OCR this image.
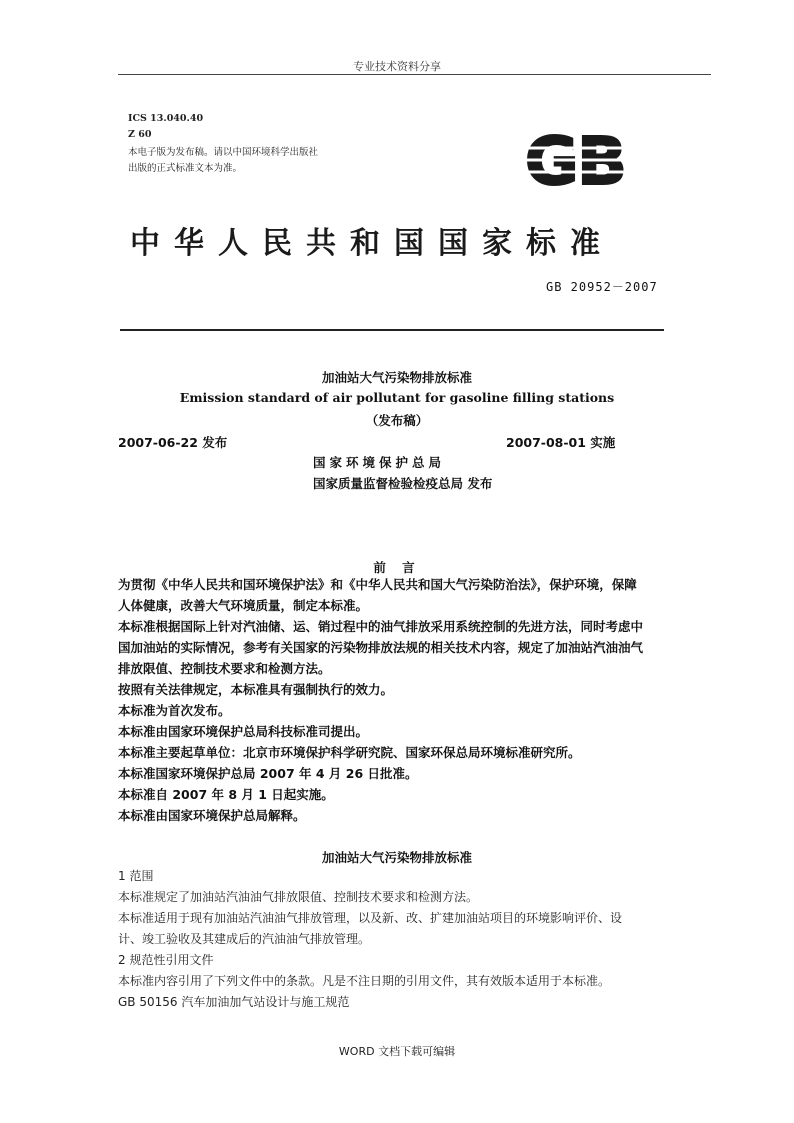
专业技术资料分享
ICS 13.040.40
Z 60
本电子版为发布稿。请以中国环境科学出版社
出版的正式标准文本为准。	GB
中华人民共和国国家标准
GB 20952－2007
加油站大气污染物排放标准
Emission standard of air pollutant for gasoline filling stations
（发布稿）
2007-06-22 发布	2007-08-01 实施
国家环境保护总局
国家质量监督检验检疫总局 发布
前 言
为贯彻《中华人民共和国环境保护法》和《中华人民共和国大气污染防治法》，保护环境，保障
人体健康，改善大气环境质量，制定本标准。
本标准根据国际上针对汽油储、运、销过程中的油气排放采用系统控制的先进方法，同时考虑中
国加油站的实际情况，参考有关国家的污染物排放法规的相关技术内容，规定了加油站汽油油气
排放限值、控制技术要求和检测方法。
按照有关法律规定，本标准具有强制执行的效力。
本标准为首次发布。
本标准由国家环境保护总局科技标准司提出。
本标准主要起草单位：北京市环境保护科学研究院、国家环保总局环境标准研究所。
本标准国家环境保护总局 2007 年 4 月 26 日批准。
本标准自 2007 年 8 月 1 日起实施。
本标准由国家环境保护总局解释。
加油站大气污染物排放标准
1 范围
本标准规定了加油站汽油油气排放限值、控制技术要求和检测方法。
本标准适用于现有加油站汽油油气排放管理，以及新、改、扩建加油站项目的环境影响评价、设
计、竣工验收及其建成后的汽油油气排放管理。
2 规范性引用文件
本标准内容引用了下列文件中的条款。凡是不注日期的引用文件，其有效版本适用于本标准。
GB 50156 汽车加油加气站设计与施工规范
WORD 文档下载可编辑
